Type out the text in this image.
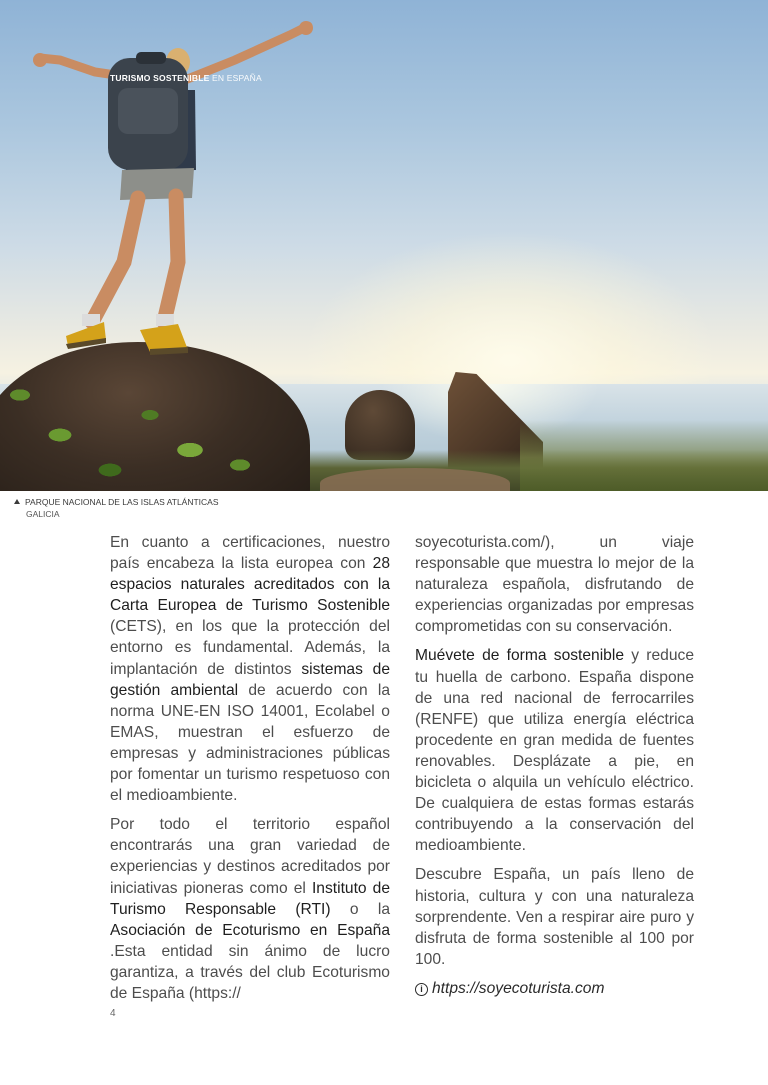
TURISMO SOSTENIBLE EN ESPAÑA
PARQUE NACIONAL DE LAS ISLAS ATLÁNTICAS
GALICIA

En cuanto a certificaciones, nuestro país encabeza la lista europea con 28 espacios naturales acreditados con la Carta Europea de Turismo Sostenible (CETS), en los que la protección del entorno es fundamental. Además, la implantación de distintos sistemas de gestión ambiental de acuerdo con la norma UNE-EN ISO 14001, Ecolabel o EMAS, muestran el esfuerzo de empresas y administraciones públicas por fomentar un turismo respetuoso con el medioambiente.

Por todo el territorio español encontrarás una gran variedad de experiencias y destinos acreditados por iniciativas pioneras como el Instituto de Turismo Responsable (RTI) o la Asociación de Ecoturismo en España .Esta entidad sin ánimo de lucro garantiza, a través del club Ecoturismo de España (https://

soyecoturista.com/), un viaje responsable que muestra lo mejor de la naturaleza española, disfrutando de experiencias organizadas por empresas comprometidas con su conservación.

Muévete de forma sostenible y reduce tu huella de carbono. España dispone de una red nacional de ferrocarriles (RENFE) que utiliza energía eléctrica procedente en gran medida de fuentes renovables. Desplázate a pie, en bicicleta o alquila un vehículo eléctrico. De cualquiera de estas formas estarás contribuyendo a la conservación del medioambiente.

Descubre España, un país lleno de historia, cultura y con una naturaleza sorprendente. Ven a respirar aire puro y disfruta de forma sostenible al 100 por 100.

i https://soyecoturista.com

4
